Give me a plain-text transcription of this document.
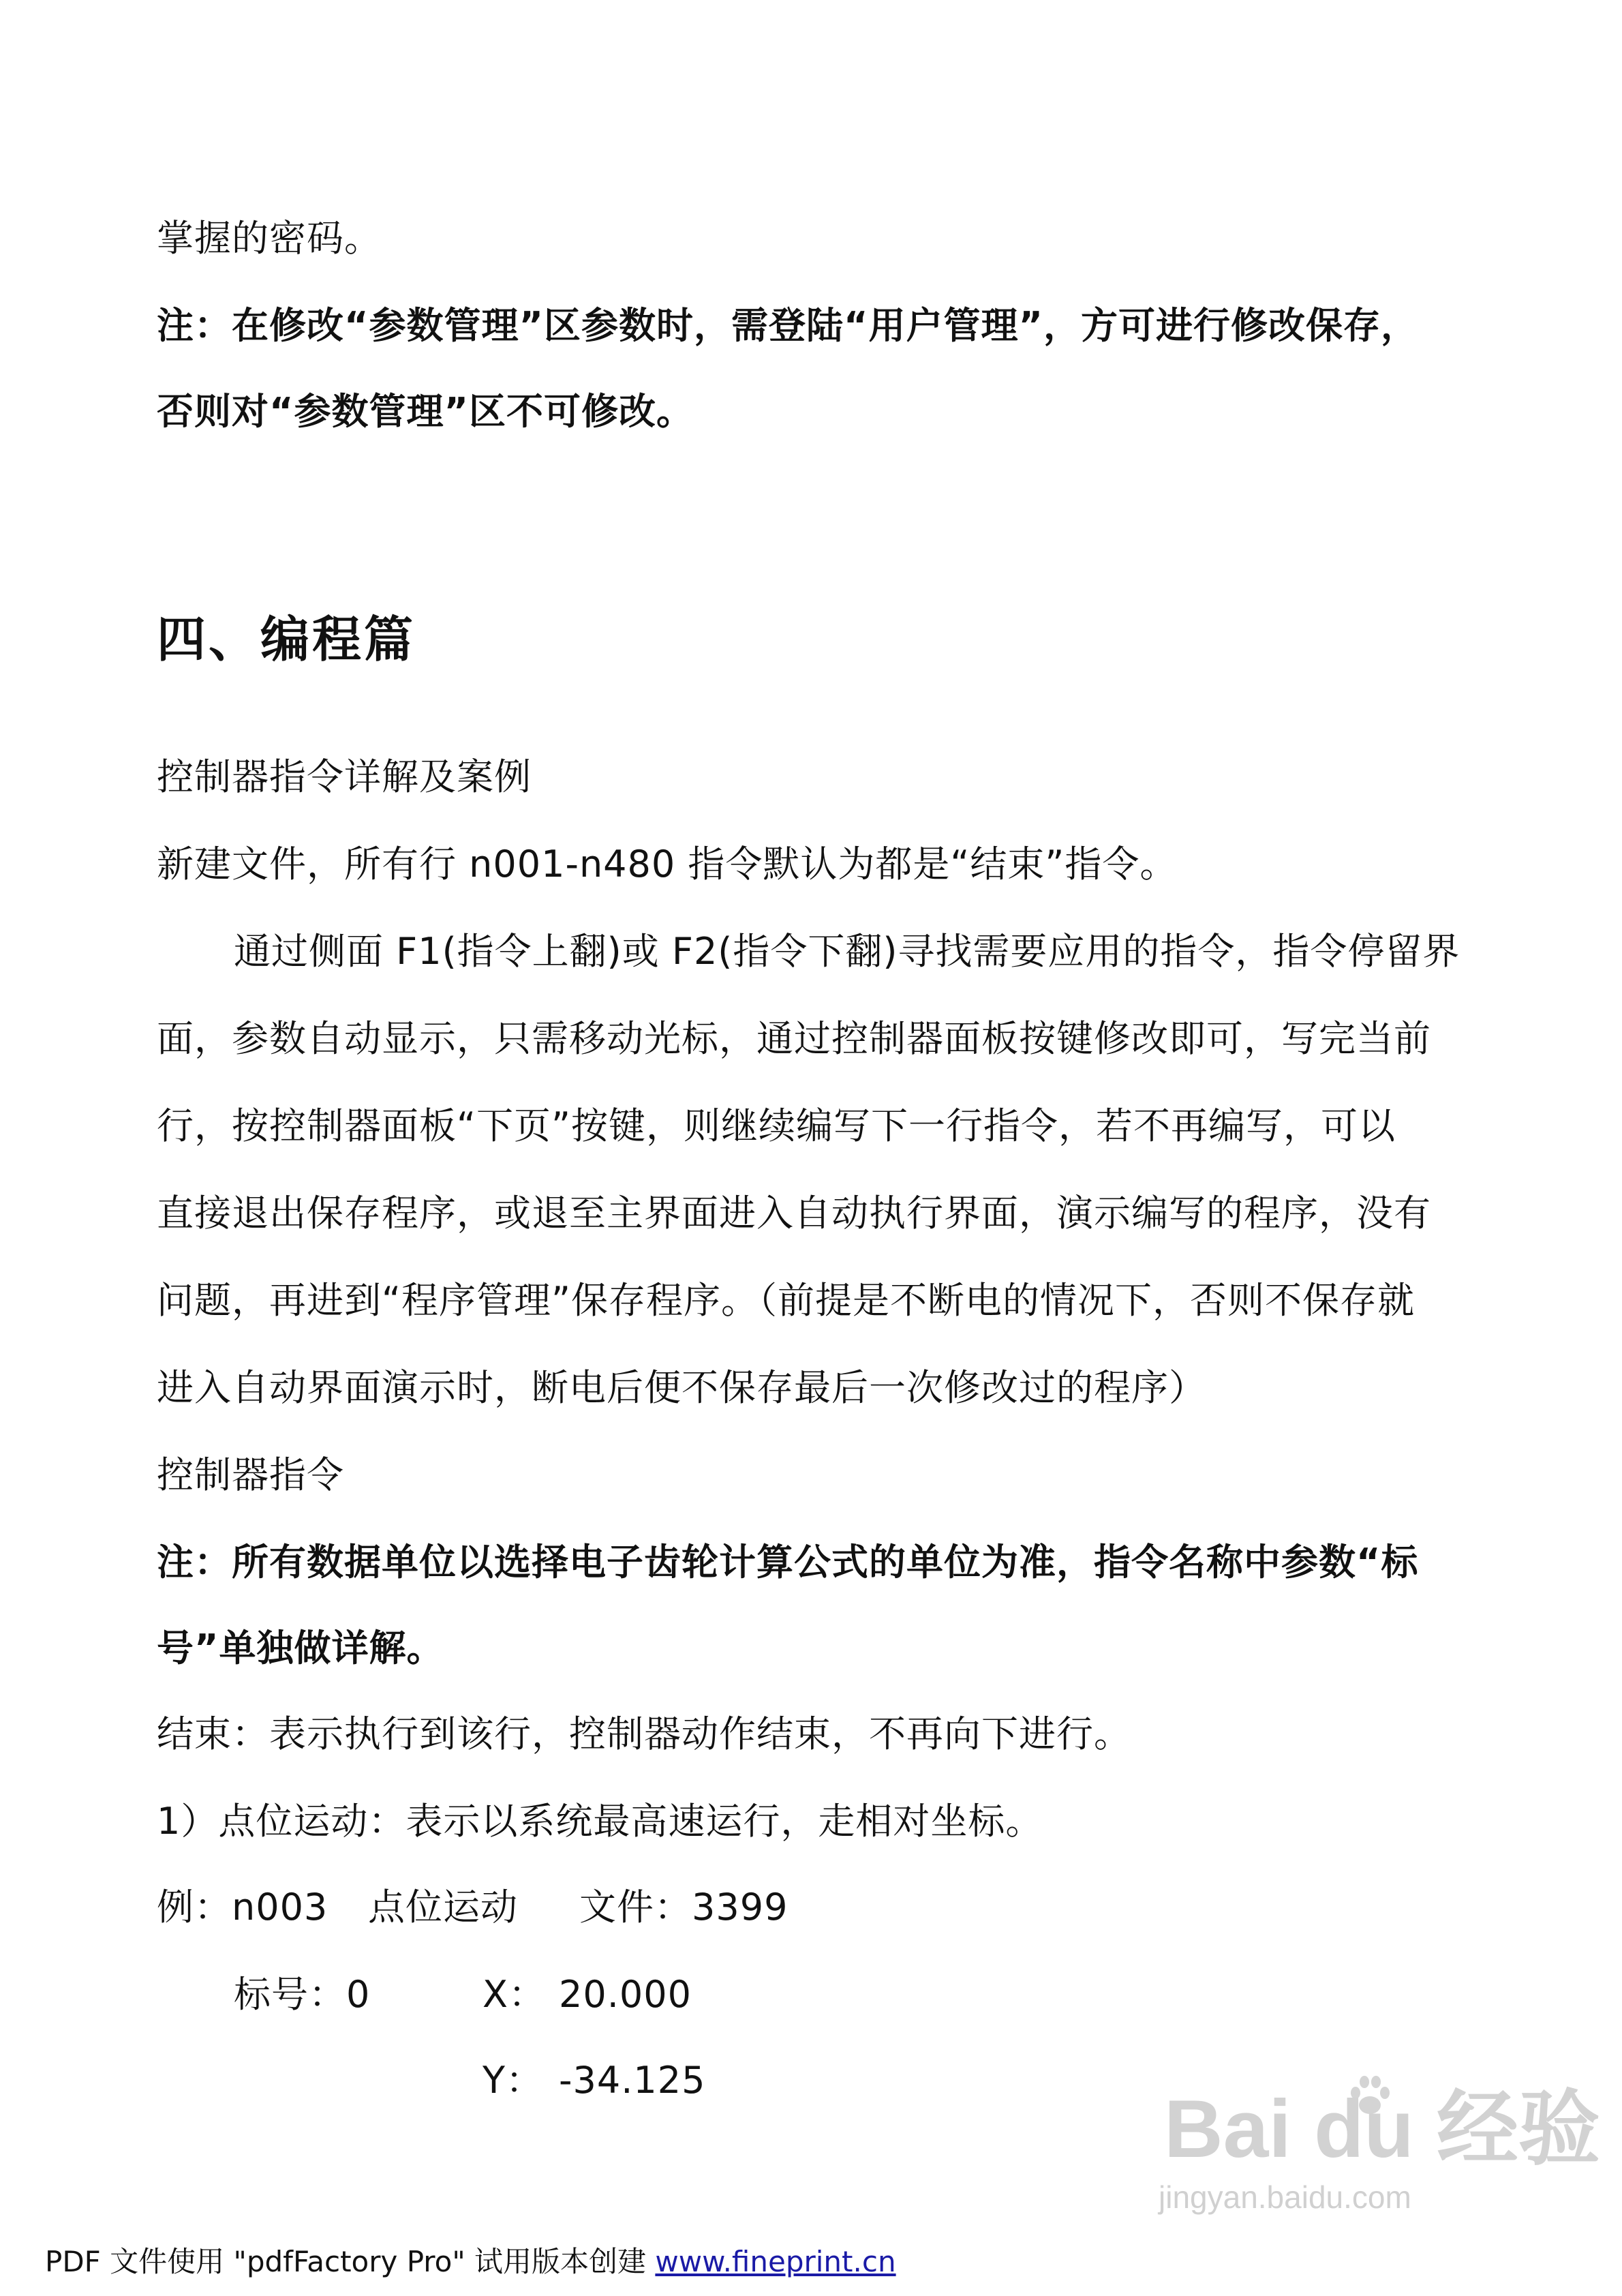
掌握的密码。
注：在修改“参数管理”区参数时，需登陆“用户管理”，方可进行修改保存，
否则对“参数管理”区不可修改。
四、编程篇
控制器指令详解及案例
新建文件，所有行 n001-n480 指令默认为都是“结束”指令。
通过侧面 F1(指令上翻)或 F2(指令下翻)寻找需要应用的指令，指令停留界
面，参数自动显示，只需移动光标，通过控制器面板按键修改即可，写完当前
行，按控制器面板“下页”按键，则继续编写下一行指令，若不再编写，可以
直接退出保存程序，或退至主界面进入自动执行界面，演示编写的程序，没有
问题，再进到“程序管理”保存程序。（前提是不断电的情况下，否则不保存就
进入自动界面演示时，断电后便不保存最后一次修改过的程序）
控制器指令
注：所有数据单位以选择电子齿轮计算公式的单位为准，指令名称中参数“标
号”单独做详解。
结束：表示执行到该行，控制器动作结束，不再向下进行。
1）点位运动：表示以系统最高速运行，走相对坐标。
例：n003 点位运动 文件：3399
标号：0	X： 20.000
Y： -34.125
Bai du 经验
jingyan.baidu.com
PDF 文件使用 "pdfFactory Pro" 试用版本创建 www.fineprint.cn
